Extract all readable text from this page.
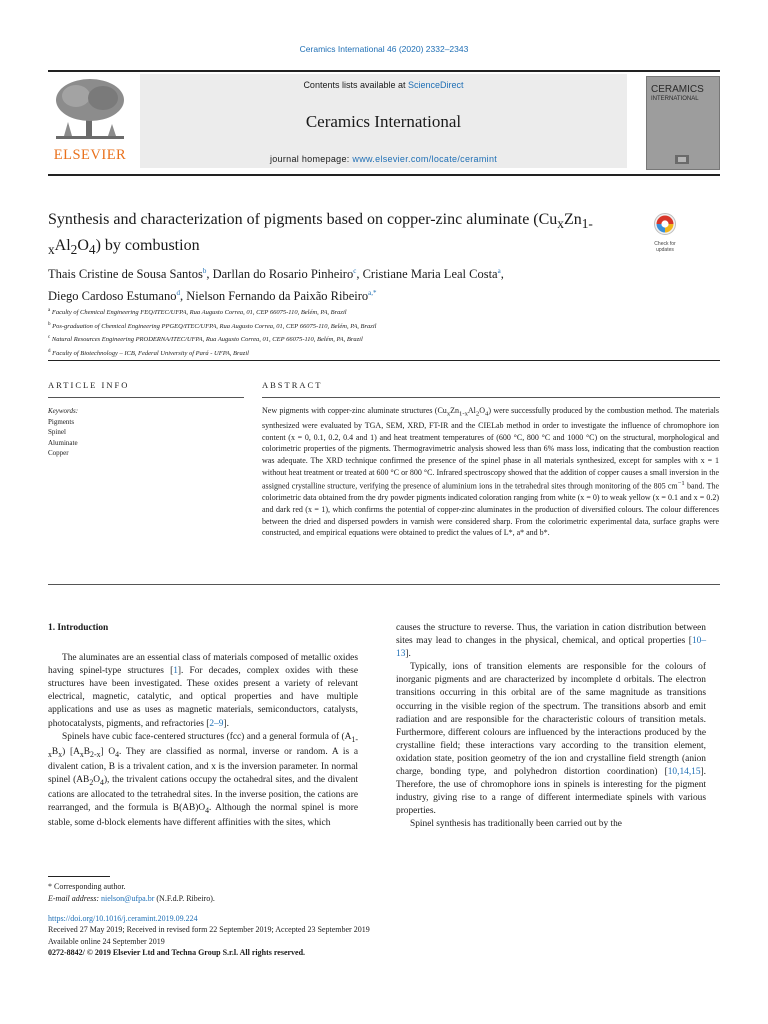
Ceramics International 46 (2020) 2332–2343
ELSEVIER
Contents lists available at ScienceDirect
Ceramics International
journal homepage: www.elsevier.com/locate/ceramint
CERAMICS
INTERNATIONAL
Synthesis and characterization of pigments based on copper-zinc aluminate $(Cu_xZn_{1-x}Al_2O_4)$ by combustion	Check for updates
Thais Cristine de Sousa Santos$^b$, Darllan do Rosario Pinheiro$^c$, Cristiane Maria Leal Costa$^a$,
Diego Cardoso Estumano$^d$, Nielson Fernando da Paixão Ribeiro$^{a,*}$
$^a$ Faculty of Chemical Engineering FEQ/ITEC/UFPA, Rua Augusto Correa, 01, CEP 66075-110, Belém, PA, Brazil
$^b$ Pos-graduation of Chemical Engineering PPGEQ/ITEC/UFPA, Rua Augusto Correa, 01, CEP 66075-110, Belém, PA, Brazil
$^c$ Natural Resources Engineering PRODERNA/ITEC/UFPA, Rua Augusto Correa, 01, CEP 66075-110, Belém, PA, Brazil
$^d$ Faculty of Biotechnology – ICB, Federal University of Pará - UFPA, Brazil
ARTICLE INFO	ABSTRACT
Keywords:
Pigments
Spinel
Aluminate
Copper
New pigments with copper-zinc aluminate structures $(Cu_xZn_{1-x}Al_2O_4)$ were successfully produced by the combustion method. The materials synthesized were evaluated by TGA, SEM, XRD, FT-IR and the CIELab method in order to investigate the influence of chromophore ion content (x = 0, 0.1, 0.2, 0.4 and 1) and heat treatment temperatures of (600 °C, 800 °C and 1000 °C) on the structural, morphological and colorimetric properties of the pigments. Thermogravimetric analysis showed less than 6% mass loss, indicating that the combustion reaction was adequate. The XRD technique confirmed the presence of the spinel phase in all materials synthesized, except for samples with x = 1 without heat treatment or treated at 600 °C or 800 °C. Infrared spectroscopy showed that the addition of copper causes a small inversion in the assigned crystalline structure, verifying the presence of aluminium ions in the tetrahedral sites through monitoring of the 805 $cm^{-1}$ band. The colorimetric data obtained from the dry powder pigments indicated coloration ranging from white (x = 0) to weak yellow (x = 0.1 and x = 0.2) and dark red (x = 1), which confirms the potential of copper-zinc aluminates in the production of diversified colours. The colour differences between the dried and dispersed powders in varnish were considered sharp. From the colorimetric experimental data, surface graphs were constructed, and empirical equations were obtained to predict the values of L*, a* and b*.

1. Introduction

The aluminates are an essential class of materials composed of metallic oxides having spinel-type structures [1]. For decades, complex oxides with these structures have been investigated. These oxides present a variety of relevant electrical, magnetic, catalytic, and optical properties and have multiple applications and use as uses as magnetic materials, semiconductors, catalysts, photocatalysts, pigments, and refractories [2–9].

Spinels have cubic face-centered structures (fcc) and a general formula of $(A_{1-x}B_x)$ $[A_xB_{2-x}]$ $O_4$. They are classified as normal, inverse or random. A is a divalent cation, B is a trivalent cation, and x is the inversion parameter. In normal spinel $(AB_2O_4)$, the trivalent cations occupy the octahedral sites, and the divalent cations are allocated to the tetrahedral sites. In the inverse position, the cations are rearranged, and the formula is $B(AB)O_4$. Although the normal spinel is more stable, some d-block elements have different affinities with the sites, which

causes the structure to reverse. Thus, the variation in cation distribution between sites may lead to changes in the physical, chemical, and optical properties [10–13].

Typically, ions of transition elements are responsible for the colours of inorganic pigments and are characterized by incomplete d orbitals. The electron transitions occurring in this orbital are of the same magnitude as transitions occurring in the visible region of the spectrum. The transitions absorb and emit radiation and are responsible for the characteristic colours of transition metals. Furthermore, different colours are influenced by the interactions produced by the crystalline field; these interactions vary according to the transition element, oxidation state, position geometry of the ion and crystalline field strength (anion charge, bonding type, and polyhedron distortion coordination) [10,14,15]. Therefore, the use of chromophore ions in spinels is interesting for the pigment industry, giving rise to a range of different intermediate spinels with various properties.

Spinel synthesis has traditionally been carried out by the

* Corresponding author.
E-mail address: nielson@ufpa.br (N.F.d.P. Ribeiro).
https://doi.org/10.1016/j.ceramint.2019.09.224
Received 27 May 2019; Received in revised form 22 September 2019; Accepted 23 September 2019
Available online 24 September 2019
0272-8842/ © 2019 Elsevier Ltd and Techna Group S.r.l. All rights reserved.
